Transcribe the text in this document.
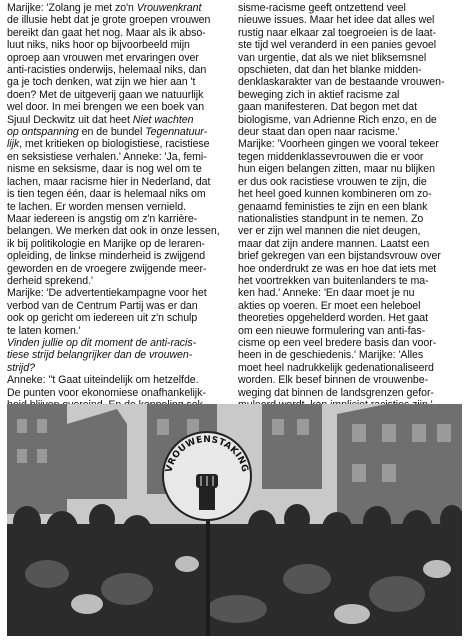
Marijke: 'Zolang je met zo'n Vrouwenkrant
de illusie hebt dat je grote groepen vrouwen
bereikt dan gaat het nog. Maar als ik abso-
luut niks, niks hoor op bijvoorbeeld mijn
oproep aan vrouwen met ervaringen over
anti-racisties onderwijs, helemaal niks, dan
ga je toch denken, wat zijn we hier aan 't
doen? Met de uitgeverij gaan we natuurlijk
wel door. In mei brengen we een boek van
Sjuul Deckwitz uit dat heet Niet wachten
op ontspanning en de bundel Tegennatuur-
lijk, met kritieken op biologistiese, racistiese
en seksistiese verhalen.' Anneke: 'Ja, femi-
nisme en seksisme, daar is nog wel om te
lachen, maar racisme hier in Nederland, dat
is tien tegen één, daar is helemaal niks om
te lachen. Er worden mensen vernield.
Maar iedereen is angstig om z'n karrière-
belangen. We merken dat ook in onze lessen,
ik bij politikologie en Marijke op de leraren-
opleiding, de linkse minderheid is zwijgend
geworden en de vroegere zwijgende meer-
derheid sprekend.'
Marijke: 'De advertentiekampagne voor het
verbod van de Centrum Partij was er dan
ook op gericht om iedereen uit z'n schulp
te laten komen.'
Vinden jullie op dit moment de anti-racis-
tiese strijd belangrijker dan de vrouwen-
strijd?
Anneke: ''t Gaat uiteindelijk om hetzelfde.
De punten voor ekonomiese onafhankelijk-

sisme-racisme geeft ontzettend veel
nieuwe issues. Maar het idee dat alles wel
rustig naar elkaar zal toegroeien is de laat-
ste tijd wel veranderd in een panies gevoel
van urgentie, dat als we niet bliksemsnel
opschieten, dat dan het blanke midden-
denklaskarakter van de bestaande vrouwen-
beweging zich in aktief racisme zal
gaan manifesteren. Dat begon met dat
biologisme, van Adrienne Rich enzo, en de
deur staat dan open naar racisme.'
Marijke: 'Voorheen gingen we vooral tekeer
tegen middenklassevrouwen die er voor
hun eigen belangen zitten, maar nu blijken
er dus ook racistiese vrouwen te zijn, die
het heel goed kunnen kombineren om zo-
genaamd feministies te zijn en een blank
nationalisties standpunt in te nemen. Zo
ver er zijn wel mannen die niet deugen,
maar dat zijn andere mannen. Laatst een
brief gekregen van een bijstandsvrouw over
hoe onderdrukt ze was en hoe dat iets met
het voortrekken van buitenlanders te ma-
ken had.' Anneke: 'En daar moet je nu
akties op voeren. Er moet een heleboel
theoreties opgehelderd worden. Het gaat
om een nieuwe formulering van anti-fas-
cisme op een veel bredere basis dan voor-
heen in de geschiedenis.' Marijke: 'Alles
moet heel nadrukkelijk gedenationaliseerd
worden. Elk besef binnen de vrouwenbe-
weging dat binnen de landsgrenzen gefor-

VROUWENSTAKING
